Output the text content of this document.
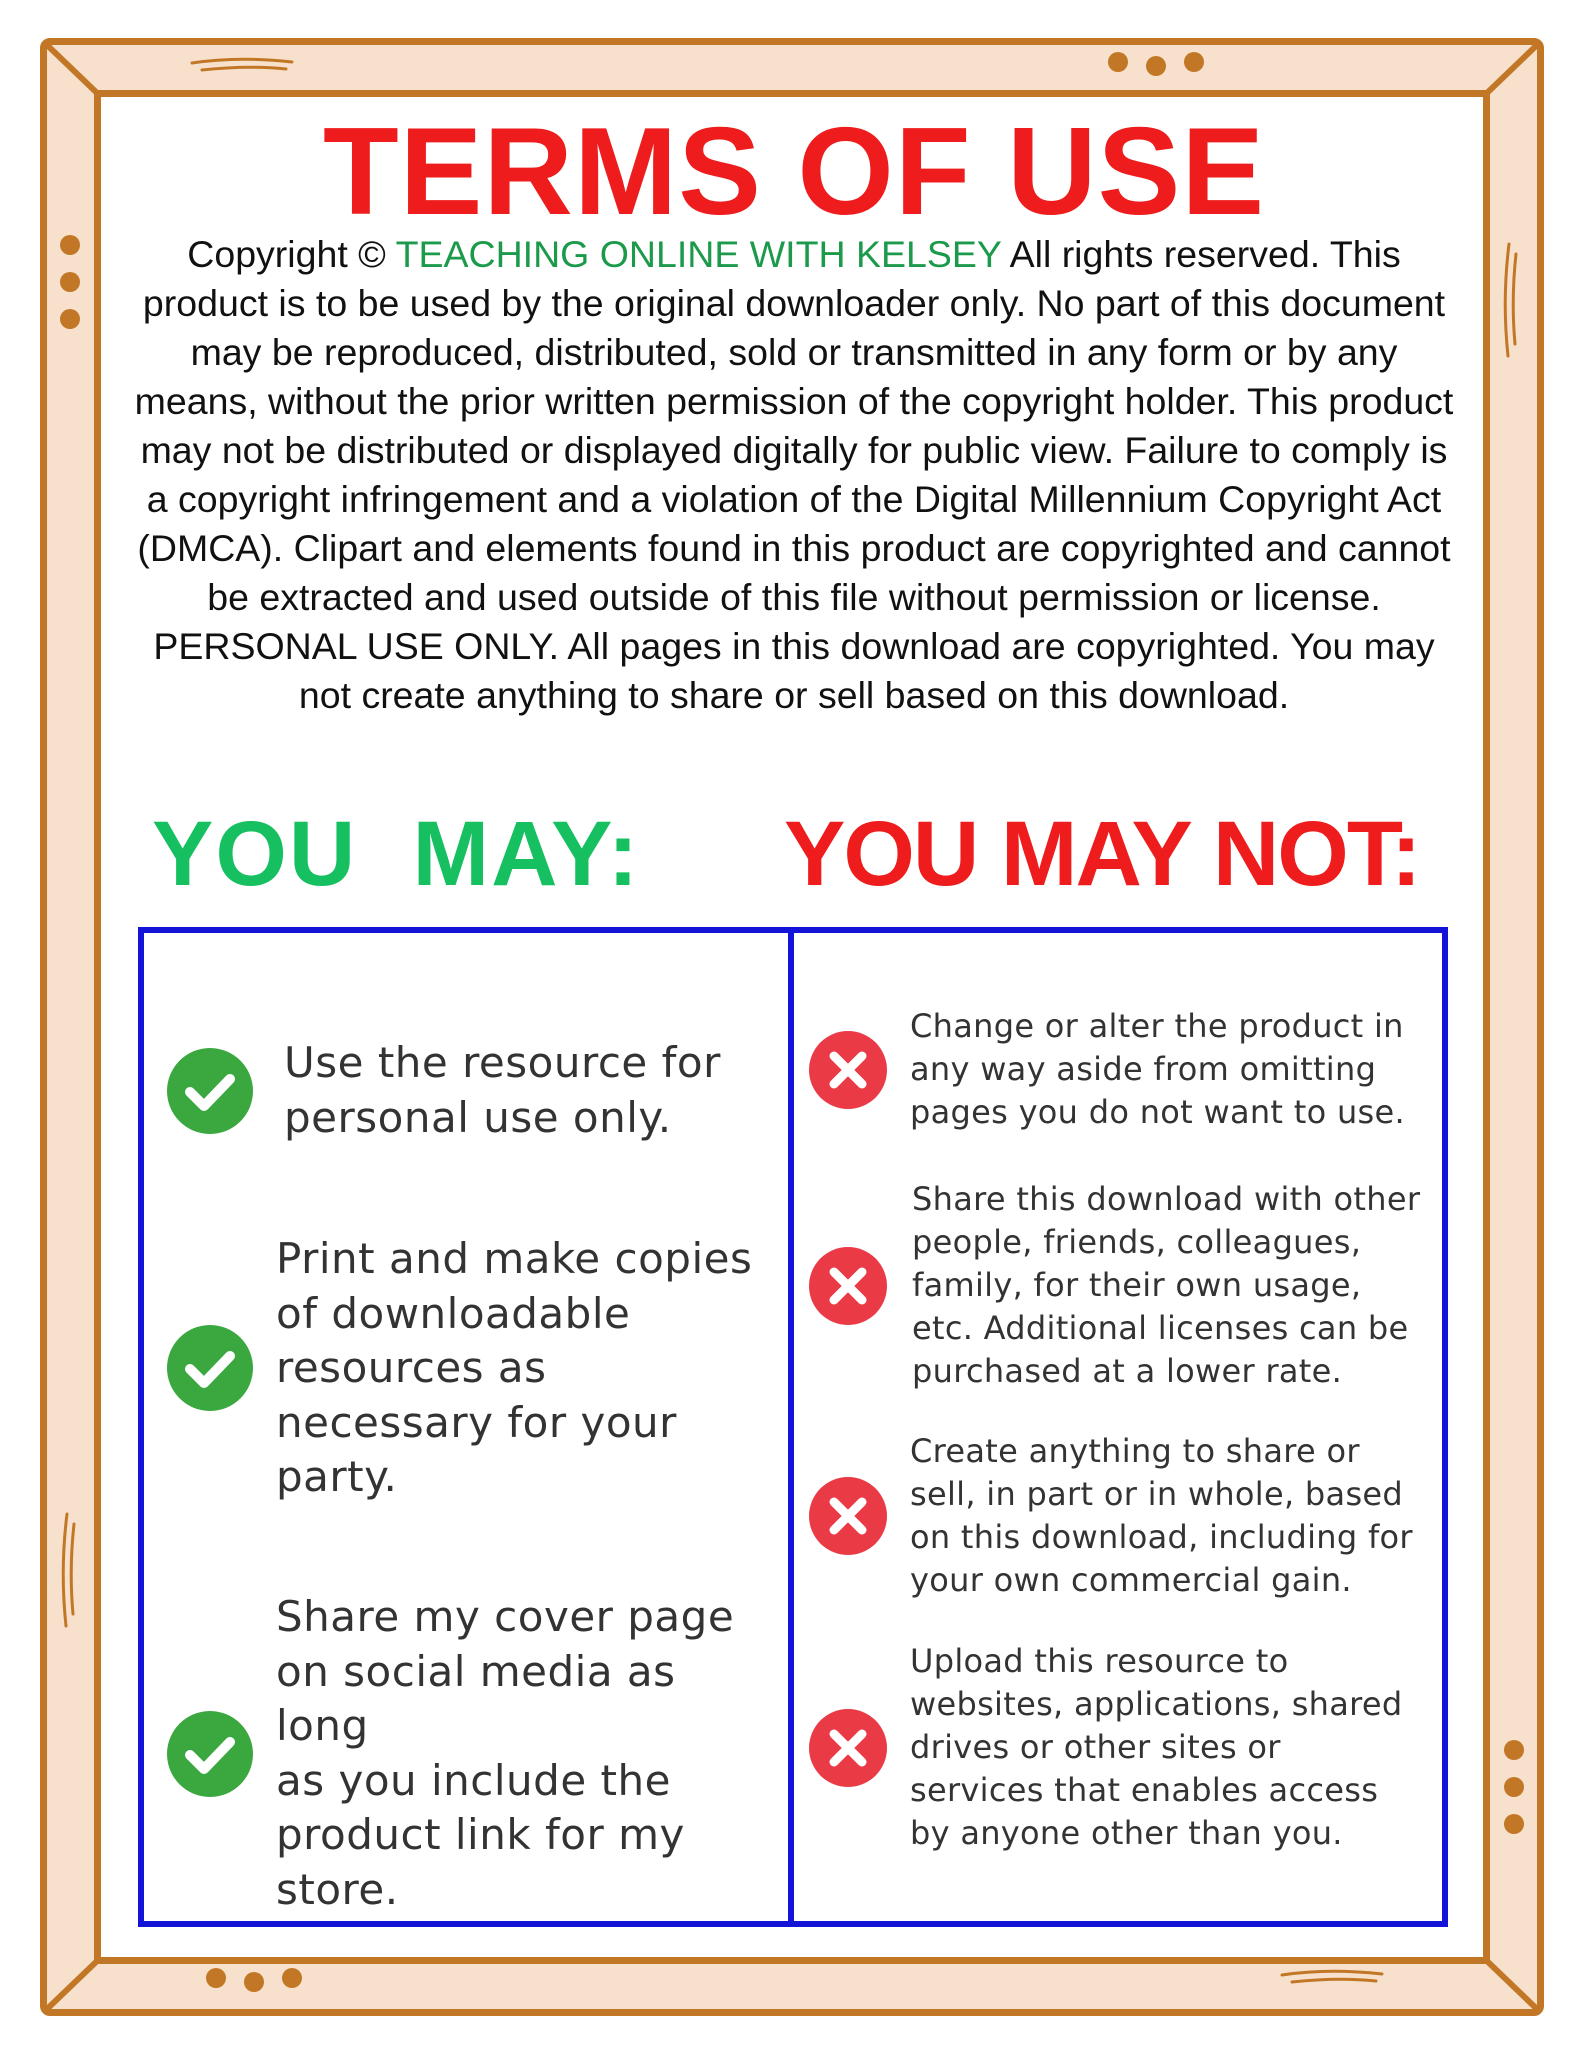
TERMS OF USE

Copyright © TEACHING ONLINE WITH KELSEY All rights reserved. This product is to be used by the original downloader only. No part of this document may be reproduced, distributed, sold or transmitted in any form or by any means, without the prior written permission of the copyright holder. This product may not be distributed or displayed digitally for public view. Failure to comply is a copyright infringement and a violation of the Digital Millennium Copyright Act (DMCA). Clipart and elements found in this product are copyrighted and cannot be extracted and used outside of this file without permission or license. PERSONAL USE ONLY. All pages in this download are copyrighted. You may not create anything to share or sell based on this download.

YOU  MAY: YOU MAY NOT:

Use the resource for
personal use only.

Print and make copies
of downloadable
resources as
necessary for your
party.

Share my cover page
on social media as long
as you include the
product link for my
store.

Change or alter the product in
any way aside from omitting
pages you do not want to use.

Share this download with other
people, friends, colleagues,
family, for their own usage,
etc. Additional licenses can be
purchased at a lower rate.

Create anything to share or
sell, in part or in whole, based
on this download, including for
your own commercial gain.

Upload this resource to
websites, applications, shared
drives or other sites or
services that enables access
by anyone other than you.
